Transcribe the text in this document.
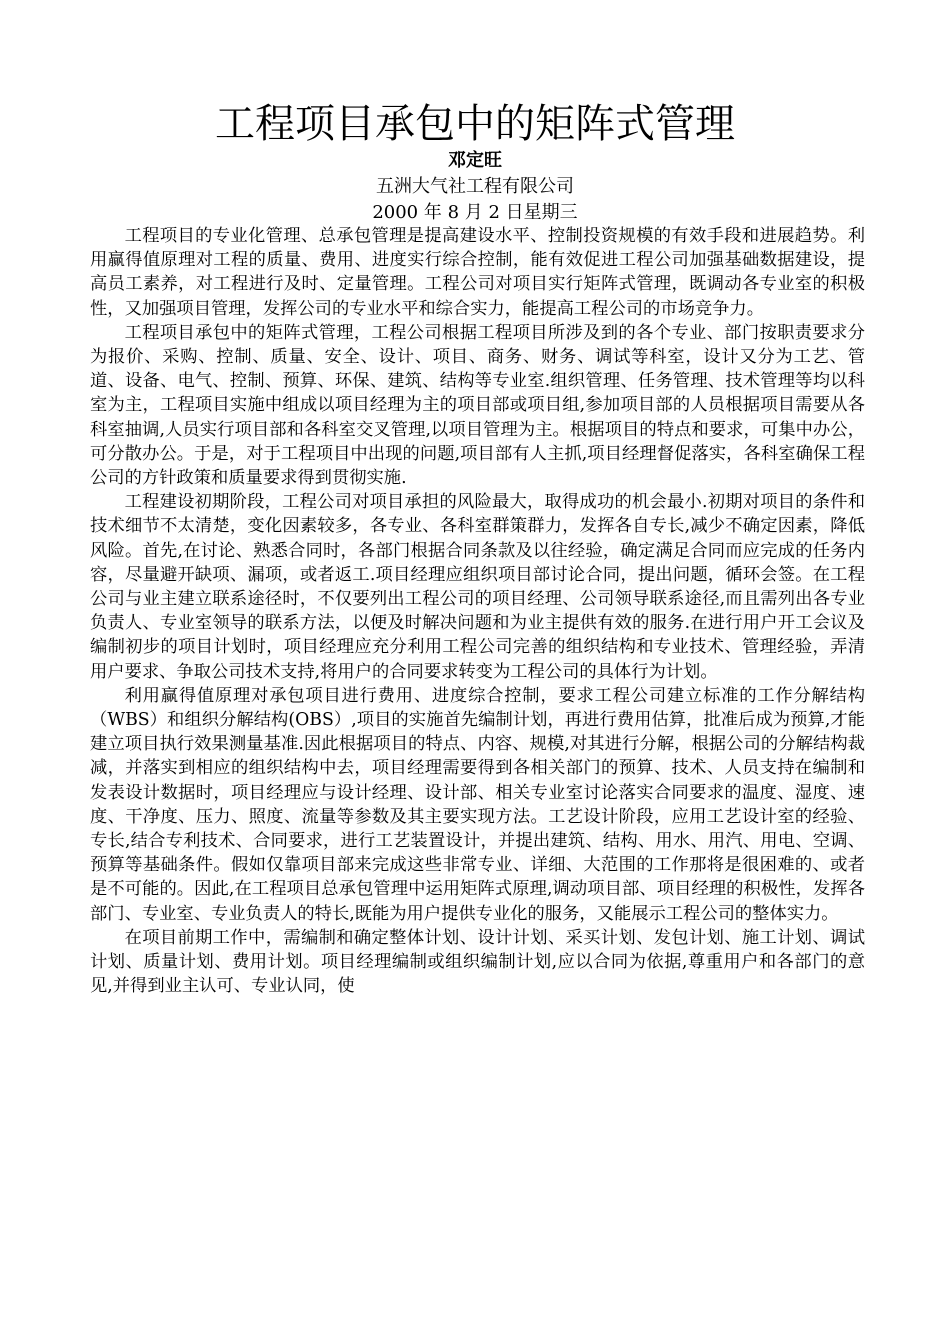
工程项目承包中的矩阵式管理
邓定旺
五洲大气社工程有限公司
2000 年 8 月 2 日星期三

工程项目的专业化管理、总承包管理是提高建设水平、控制投资规模的有效手段和进展趋势。利用赢得值原理对工程的质量、费用、进度实行综合控制，能有效促进工程公司加强基础数据建设，提高员工素养，对工程进行及时、定量管理。工程公司对项目实行矩阵式管理，既调动各专业室的积极性，又加强项目管理，发挥公司的专业水平和综合实力，能提高工程公司的市场竞争力。

工程项目承包中的矩阵式管理，工程公司根据工程项目所涉及到的各个专业、部门按职责要求分为报价、采购、控制、质量、安全、设计、项目、商务、财务、调试等科室，设计又分为工艺、管道、设备、电气、控制、预算、环保、建筑、结构等专业室.组织管理、任务管理、技术管理等均以科室为主，工程项目实施中组成以项目经理为主的项目部或项目组,参加项目部的人员根据项目需要从各科室抽调,人员实行项目部和各科室交叉管理,以项目管理为主。根据项目的特点和要求，可集中办公，可分散办公。于是，对于工程项目中出现的问题,项目部有人主抓,项目经理督促落实，各科室确保工程公司的方针政策和质量要求得到贯彻实施.

工程建设初期阶段，工程公司对项目承担的风险最大，取得成功的机会最小.初期对项目的条件和技术细节不太清楚，变化因素较多，各专业、各科室群策群力，发挥各自专长,减少不确定因素，降低风险。首先,在讨论、熟悉合同时，各部门根据合同条款及以往经验，确定满足合同而应完成的任务内容，尽量避开缺项、漏项，或者返工.项目经理应组织项目部讨论合同，提出问题，循环会签。在工程公司与业主建立联系途径时，不仅要列出工程公司的项目经理、公司领导联系途径,而且需列出各专业负责人、专业室领导的联系方法，以便及时解决问题和为业主提供有效的服务.在进行用户开工会议及编制初步的项目计划时，项目经理应充分利用工程公司完善的组织结构和专业技术、管理经验，弄清用户要求、争取公司技术支持,将用户的合同要求转变为工程公司的具体行为计划。

利用赢得值原理对承包项目进行费用、进度综合控制，要求工程公司建立标准的工作分解结构（WBS）和组织分解结构(OBS）,项目的实施首先编制计划，再进行费用估算，批准后成为预算,才能建立项目执行效果测量基准.因此根据项目的特点、内容、规模,对其进行分解，根据公司的分解结构裁减，并落实到相应的组织结构中去，项目经理需要得到各相关部门的预算、技术、人员支持在编制和发表设计数据时，项目经理应与设计经理、设计部、相关专业室讨论落实合同要求的温度、湿度、速度、干净度、压力、照度、流量等参数及其主要实现方法。工艺设计阶段，应用工艺设计室的经验、专长,结合专利技术、合同要求，进行工艺装置设计，并提出建筑、结构、用水、用汽、用电、空调、预算等基础条件。假如仅靠项目部来完成这些非常专业、详细、大范围的工作那将是很困难的、或者是不可能的。因此,在工程项目总承包管理中运用矩阵式原理,调动项目部、项目经理的积极性，发挥各部门、专业室、专业负责人的特长,既能为用户提供专业化的服务，又能展示工程公司的整体实力。

在项目前期工作中，需编制和确定整体计划、设计计划、采买计划、发包计划、施工计划、调试计划、质量计划、费用计划。项目经理编制或组织编制计划,应以合同为依据,尊重用户和各部门的意见,并得到业主认可、专业认同，使
